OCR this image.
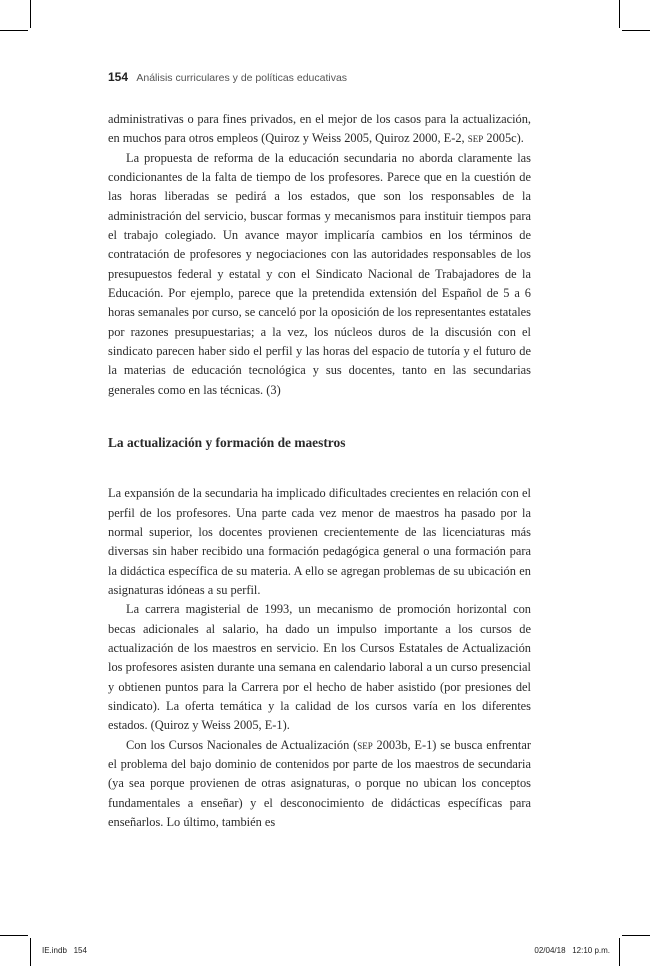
154 Análisis curriculares y de políticas educativas

administrativas o para fines privados, en el mejor de los casos para la actualización, en muchos para otros empleos (Quiroz y Weiss 2005, Quiroz 2000, E-2, sep 2005c).

La propuesta de reforma de la educación secundaria no aborda claramente las condicionantes de la falta de tiempo de los profesores. Parece que en la cuestión de las horas liberadas se pedirá a los estados, que son los responsables de la administración del servicio, buscar formas y mecanismos para instituir tiempos para el trabajo colegiado. Un avance mayor implicaría cambios en los términos de contratación de profesores y negociaciones con las autoridades responsables de los presupuestos federal y estatal y con el Sindicato Nacional de Trabajadores de la Educación. Por ejemplo, parece que la pretendida extensión del Español de 5 a 6 horas semanales por curso, se canceló por la oposición de los representantes estatales por razones presupuestarias; a la vez, los núcleos duros de la discusión con el sindicato parecen haber sido el perfil y las horas del espacio de tutoría y el futuro de la materias de educación tecnológica y sus docentes, tanto en las secundarias generales como en las técnicas. (3)

La actualización y formación de maestros

La expansión de la secundaria ha implicado dificultades crecientes en relación con el perfil de los profesores. Una parte cada vez menor de maestros ha pasado por la normal superior, los docentes provienen crecientemente de las licenciaturas más diversas sin haber recibido una formación pedagógica general o una formación para la didáctica específica de su materia. A ello se agregan problemas de su ubicación en asignaturas idóneas a su perfil.

La carrera magisterial de 1993, un mecanismo de promoción horizontal con becas adicionales al salario, ha dado un impulso importante a los cursos de actualización de los maestros en servicio. En los Cursos Estatales de Actualización los profesores asisten durante una semana en calendario laboral a un curso presencial y obtienen puntos para la Carrera por el hecho de haber asistido (por presiones del sindicato). La oferta temática y la calidad de los cursos varía en los diferentes estados. (Quiroz y Weiss 2005, E-1).

Con los Cursos Nacionales de Actualización (sep 2003b, E-1) se busca enfrentar el problema del bajo dominio de contenidos por parte de los maestros de secundaria (ya sea porque provienen de otras asignaturas, o porque no ubican los conceptos fundamentales a enseñar) y el desconocimiento de didácticas específicas para enseñarlos. Lo último, también es

IE.indb   154	02/04/18   12:10 p.m.
